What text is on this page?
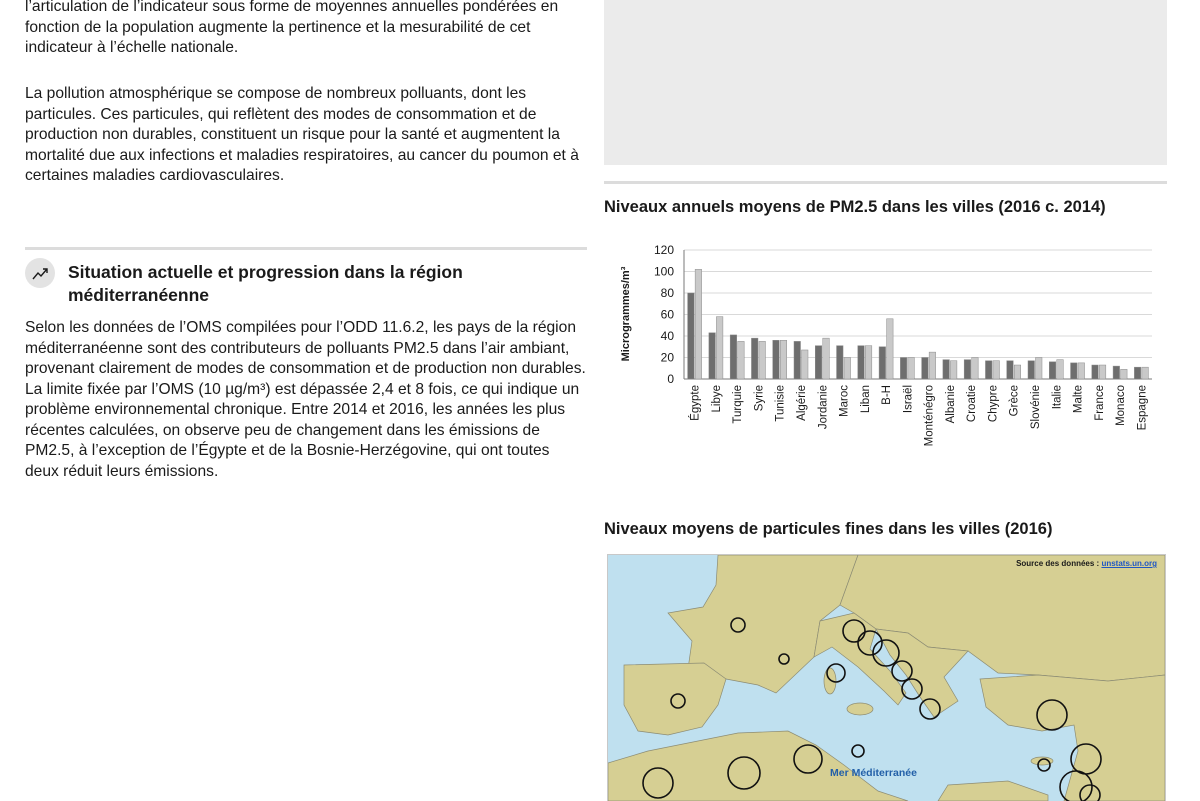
l’articulation de l’indicateur sous forme de moyennes annuelles pondérées en fonction de la population augmente la pertinence et la mesurabilité de cet indicateur à l’échelle nationale.

La pollution atmosphérique se compose de nombreux polluants, dont les particules. Ces particules, qui reflètent des modes de consommation et de production non durables, constituent un risque pour la santé et augmentent la mortalité due aux infections et maladies respiratoires, au cancer du poumon et à certaines maladies cardiovasculaires.

Situation actuelle et progression dans la région méditerranéenne

Selon les données de l’OMS compilées pour l’ODD 11.6.2, les pays de la région méditerranéenne sont des contributeurs de polluants PM2.5 dans l’air ambiant, provenant clairement de modes de consommation et de production non durables. La limite fixée par l’OMS (10 µg/m³) est dépassée 2,4 et 8 fois, ce qui indique un problème environnemental chronique. Entre 2014 et 2016, les années les plus récentes calculées, on observe peu de changement dans les émissions de PM2.5, à l’exception de l’Égypte et de la Bosnie-Herzégovine, qui ont toutes deux réduit leurs émissions.

Niveaux annuels moyens de PM2.5 dans les villes (2016 c. 2014)
0
20
40
60
80
100
120
Égypte Libye Turquie Syrie Tunisie Algérie Jordanie Maroc Liban B-H Israël Monténégro Albanie Croatie Chypre Grèce Slovénie Italie Malte France Monaco Espagne
Microgrammes/m³
Niveaux moyens de particules fines dans les villes (2016)
Source des données : unstats.un.org
Mer Méditerranée
